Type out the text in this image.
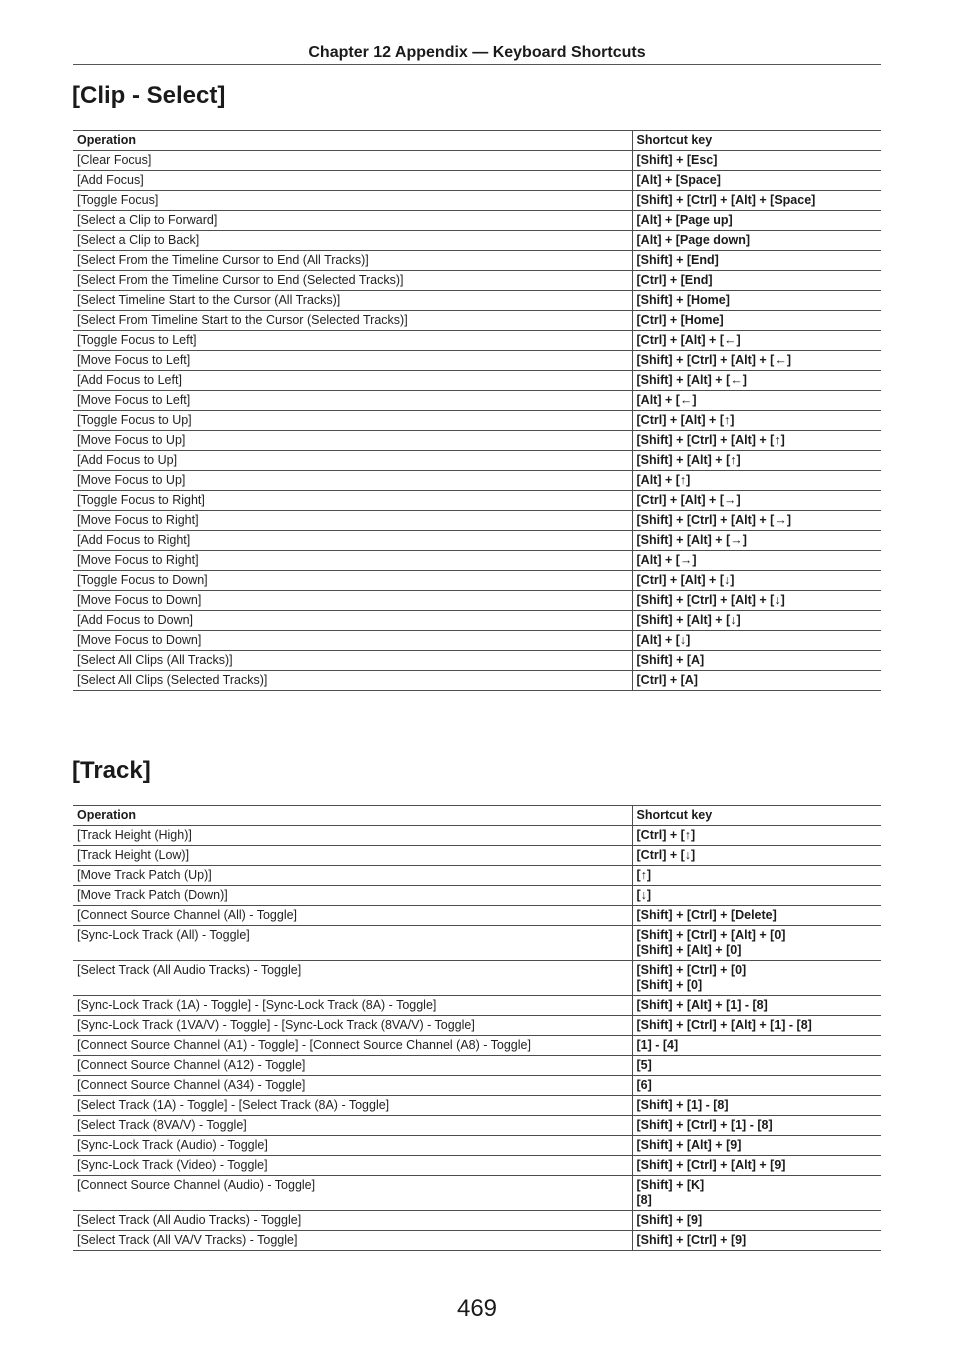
Chapter 12 Appendix — Keyboard Shortcuts
[Clip - Select]
Operation	Shortcut key
[Clear Focus]	[Shift] + [Esc]
[Add Focus]	[Alt] + [Space]
[Toggle Focus]	[Shift] + [Ctrl] + [Alt] + [Space]
[Select a Clip to Forward]	[Alt] + [Page up]
[Select a Clip to Back]	[Alt] + [Page down]
[Select From the Timeline Cursor to End (All Tracks)]	[Shift] + [End]
[Select From the Timeline Cursor to End (Selected Tracks)]	[Ctrl] + [End]
[Select Timeline Start to the Cursor (All Tracks)]	[Shift] + [Home]
[Select From Timeline Start to the Cursor (Selected Tracks)]	[Ctrl] + [Home]
[Toggle Focus to Left]	[Ctrl] + [Alt] + [←]
[Move Focus to Left]	[Shift] + [Ctrl] + [Alt] + [←]
[Add Focus to Left]	[Shift] + [Alt] + [←]
[Move Focus to Left]	[Alt] + [←]
[Toggle Focus to Up]	[Ctrl] + [Alt] + [↑]
[Move Focus to Up]	[Shift] + [Ctrl] + [Alt] + [↑]
[Add Focus to Up]	[Shift] + [Alt] + [↑]
[Move Focus to Up]	[Alt] + [↑]
[Toggle Focus to Right]	[Ctrl] + [Alt] + [→]
[Move Focus to Right]	[Shift] + [Ctrl] + [Alt] + [→]
[Add Focus to Right]	[Shift] + [Alt] + [→]
[Move Focus to Right]	[Alt] + [→]
[Toggle Focus to Down]	[Ctrl] + [Alt] + [↓]
[Move Focus to Down]	[Shift] + [Ctrl] + [Alt] + [↓]
[Add Focus to Down]	[Shift] + [Alt] + [↓]
[Move Focus to Down]	[Alt] + [↓]
[Select All Clips (All Tracks)]	[Shift] + [A]
[Select All Clips (Selected Tracks)]	[Ctrl] + [A]
[Track]
Operation	Shortcut key
[Track Height (High)]	[Ctrl] + [↑]
[Track Height (Low)]	[Ctrl] + [↓]
[Move Track Patch (Up)]	[↑]
[Move Track Patch (Down)]	[↓]
[Connect Source Channel (All) - Toggle]	[Shift] + [Ctrl] + [Delete]
[Sync-Lock Track (All) - Toggle]	[Shift] + [Ctrl] + [Alt] + [0]
[Shift] + [Alt] + [0]
[Select Track (All Audio Tracks) - Toggle]	[Shift] + [Ctrl] + [0]
[Shift] + [0]
[Sync-Lock Track (1A) - Toggle] - [Sync-Lock Track (8A) - Toggle]	[Shift] + [Alt] + [1] - [8]
[Sync-Lock Track (1VA/V) - Toggle] - [Sync-Lock Track (8VA/V) - Toggle]	[Shift] + [Ctrl] + [Alt] + [1] - [8]
[Connect Source Channel (A1) - Toggle] - [Connect Source Channel (A8) - Toggle]	[1] - [4]
[Connect Source Channel (A12) - Toggle]	[5]
[Connect Source Channel (A34) - Toggle]	[6]
[Select Track (1A) - Toggle] - [Select Track (8A) - Toggle]	[Shift] + [1] - [8]
[Select Track (8VA/V) - Toggle]	[Shift] + [Ctrl] + [1] - [8]
[Sync-Lock Track (Audio) - Toggle]	[Shift] + [Alt] + [9]
[Sync-Lock Track (Video) - Toggle]	[Shift] + [Ctrl] + [Alt] + [9]
[Connect Source Channel (Audio) - Toggle]	[Shift] + [K]
[8]
[Select Track (All Audio Tracks) - Toggle]	[Shift] + [9]
[Select Track (All VA/V Tracks) - Toggle]	[Shift] + [Ctrl] + [9]
469
